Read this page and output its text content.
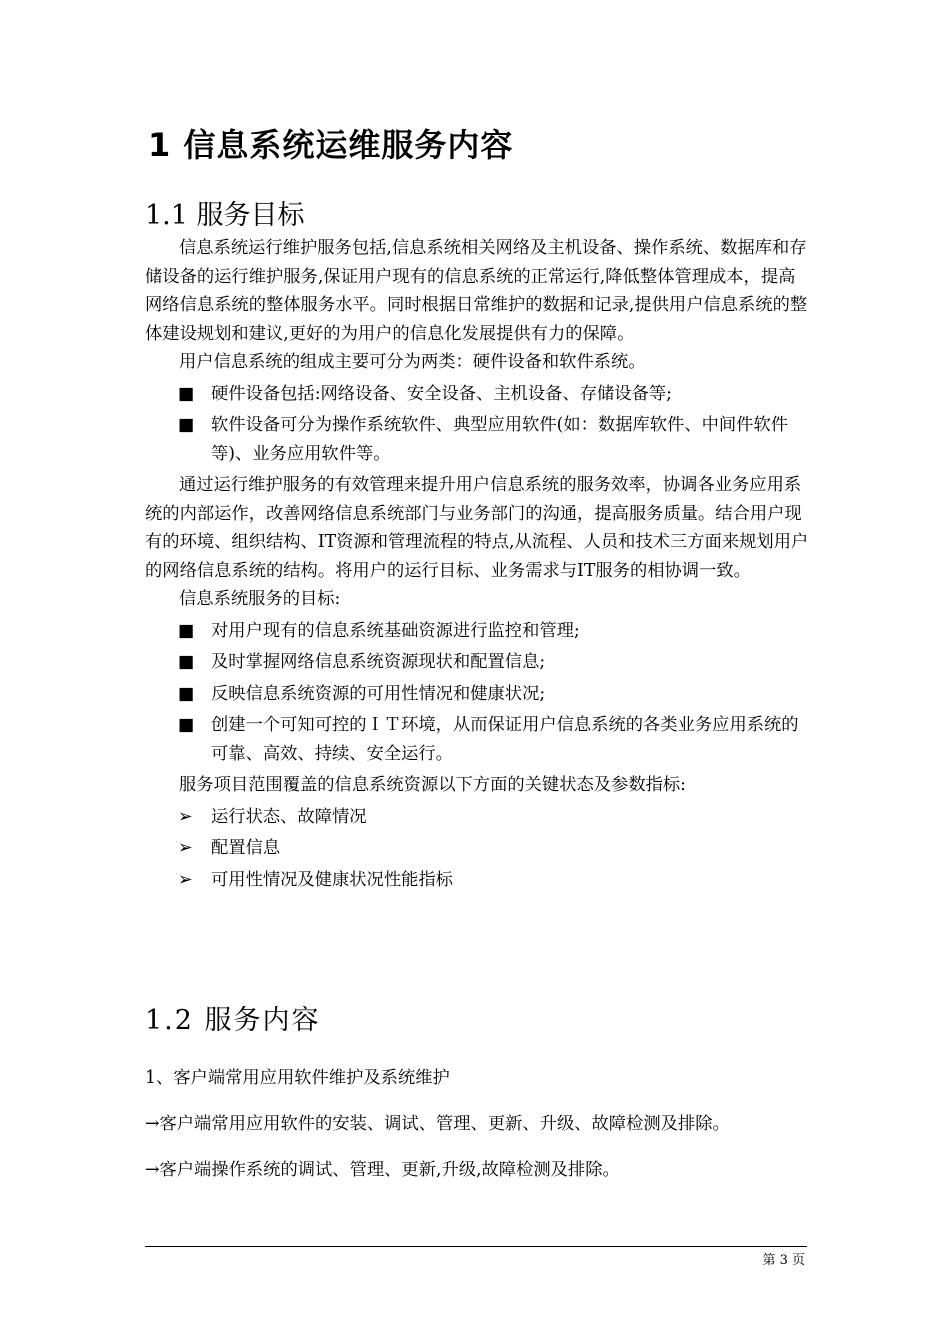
1 信息系统运维服务内容
1.1 服务目标

信息系统运行维护服务包括,信息系统相关网络及主机设备、操作系统、数据库和存储设备的运行维护服务,保证用户现有的信息系统的正常运行,降低整体管理成本，提高网络信息系统的整体服务水平。同时根据日常维护的数据和记录,提供用户信息系统的整体建设规划和建议,更好的为用户的信息化发展提供有力的保障。

用户信息系统的组成主要可分为两类：硬件设备和软件系统。

■ 硬件设备包括:网络设备、安全设备、主机设备、存储设备等;
■ 软件设备可分为操作系统软件、典型应用软件(如：数据库软件、中间件软件等)、业务应用软件等。

通过运行维护服务的有效管理来提升用户信息系统的服务效率，协调各业务应用系统的内部运作，改善网络信息系统部门与业务部门的沟通，提高服务质量。结合用户现有的环境、组织结构、IT资源和管理流程的特点,从流程、人员和技术三方面来规划用户的网络信息系统的结构。将用户的运行目标、业务需求与IT服务的相协调一致。

信息系统服务的目标:

■ 对用户现有的信息系统基础资源进行监控和管理;
■ 及时掌握网络信息系统资源现状和配置信息;
■ 反映信息系统资源的可用性情况和健康状况;
■ 创建一个可知可控的ＩＴ环境，从而保证用户信息系统的各类业务应用系统的可靠、高效、持续、安全运行。

服务项目范围覆盖的信息系统资源以下方面的关键状态及参数指标:

➢	运行状态、故障情况
➢	配置信息
➢	可用性情况及健康状况性能指标
1.2 服务内容

1、客户端常用应用软件维护及系统维护

→客户端常用应用软件的安装、调试、管理、更新、升级、故障检测及排除。

→客户端操作系统的调试、管理、更新,升级,故障检测及排除。

第 3 页
